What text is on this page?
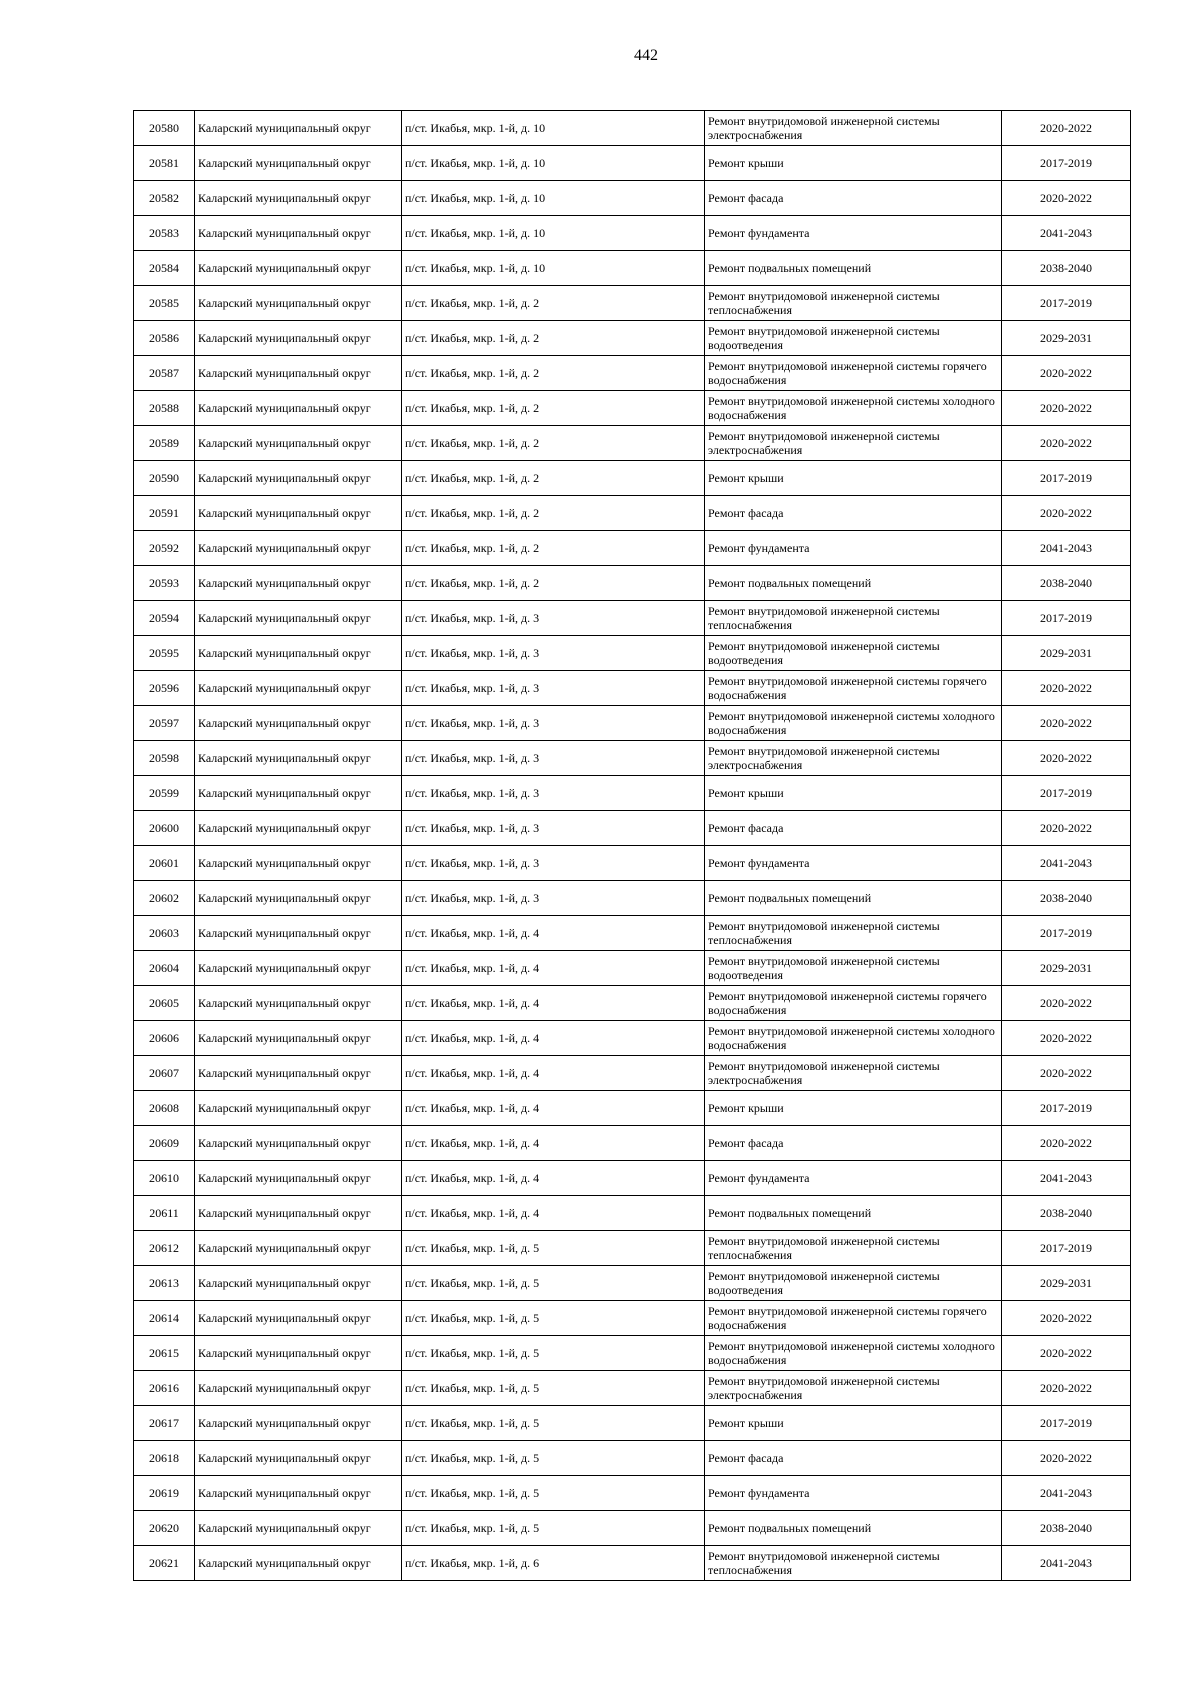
442
20580	Каларский муниципальный округ	п/ст. Икабья, мкр. 1-й, д. 10	Ремонт внутридомовой инженерной системы электроснабжения	2020-2022
20581	Каларский муниципальный округ	п/ст. Икабья, мкр. 1-й, д. 10	Ремонт крыши	2017-2019
20582	Каларский муниципальный округ	п/ст. Икабья, мкр. 1-й, д. 10	Ремонт фасада	2020-2022
20583	Каларский муниципальный округ	п/ст. Икабья, мкр. 1-й, д. 10	Ремонт фундамента	2041-2043
20584	Каларский муниципальный округ	п/ст. Икабья, мкр. 1-й, д. 10	Ремонт подвальных помещений	2038-2040
20585	Каларский муниципальный округ	п/ст. Икабья, мкр. 1-й, д. 2	Ремонт внутридомовой инженерной системы теплоснабжения	2017-2019
20586	Каларский муниципальный округ	п/ст. Икабья, мкр. 1-й, д. 2	Ремонт внутридомовой инженерной системы водоотведения	2029-2031
20587	Каларский муниципальный округ	п/ст. Икабья, мкр. 1-й, д. 2	Ремонт внутридомовой инженерной системы горячего водоснабжения	2020-2022
20588	Каларский муниципальный округ	п/ст. Икабья, мкр. 1-й, д. 2	Ремонт внутридомовой инженерной системы холодного водоснабжения	2020-2022
20589	Каларский муниципальный округ	п/ст. Икабья, мкр. 1-й, д. 2	Ремонт внутридомовой инженерной системы электроснабжения	2020-2022
20590	Каларский муниципальный округ	п/ст. Икабья, мкр. 1-й, д. 2	Ремонт крыши	2017-2019
20591	Каларский муниципальный округ	п/ст. Икабья, мкр. 1-й, д. 2	Ремонт фасада	2020-2022
20592	Каларский муниципальный округ	п/ст. Икабья, мкр. 1-й, д. 2	Ремонт фундамента	2041-2043
20593	Каларский муниципальный округ	п/ст. Икабья, мкр. 1-й, д. 2	Ремонт подвальных помещений	2038-2040
20594	Каларский муниципальный округ	п/ст. Икабья, мкр. 1-й, д. 3	Ремонт внутридомовой инженерной системы теплоснабжения	2017-2019
20595	Каларский муниципальный округ	п/ст. Икабья, мкр. 1-й, д. 3	Ремонт внутридомовой инженерной системы водоотведения	2029-2031
20596	Каларский муниципальный округ	п/ст. Икабья, мкр. 1-й, д. 3	Ремонт внутридомовой инженерной системы горячего водоснабжения	2020-2022
20597	Каларский муниципальный округ	п/ст. Икабья, мкр. 1-й, д. 3	Ремонт внутридомовой инженерной системы холодного водоснабжения	2020-2022
20598	Каларский муниципальный округ	п/ст. Икабья, мкр. 1-й, д. 3	Ремонт внутридомовой инженерной системы электроснабжения	2020-2022
20599	Каларский муниципальный округ	п/ст. Икабья, мкр. 1-й, д. 3	Ремонт крыши	2017-2019
20600	Каларский муниципальный округ	п/ст. Икабья, мкр. 1-й, д. 3	Ремонт фасада	2020-2022
20601	Каларский муниципальный округ	п/ст. Икабья, мкр. 1-й, д. 3	Ремонт фундамента	2041-2043
20602	Каларский муниципальный округ	п/ст. Икабья, мкр. 1-й, д. 3	Ремонт подвальных помещений	2038-2040
20603	Каларский муниципальный округ	п/ст. Икабья, мкр. 1-й, д. 4	Ремонт внутридомовой инженерной системы теплоснабжения	2017-2019
20604	Каларский муниципальный округ	п/ст. Икабья, мкр. 1-й, д. 4	Ремонт внутридомовой инженерной системы водоотведения	2029-2031
20605	Каларский муниципальный округ	п/ст. Икабья, мкр. 1-й, д. 4	Ремонт внутридомовой инженерной системы горячего водоснабжения	2020-2022
20606	Каларский муниципальный округ	п/ст. Икабья, мкр. 1-й, д. 4	Ремонт внутридомовой инженерной системы холодного водоснабжения	2020-2022
20607	Каларский муниципальный округ	п/ст. Икабья, мкр. 1-й, д. 4	Ремонт внутридомовой инженерной системы электроснабжения	2020-2022
20608	Каларский муниципальный округ	п/ст. Икабья, мкр. 1-й, д. 4	Ремонт крыши	2017-2019
20609	Каларский муниципальный округ	п/ст. Икабья, мкр. 1-й, д. 4	Ремонт фасада	2020-2022
20610	Каларский муниципальный округ	п/ст. Икабья, мкр. 1-й, д. 4	Ремонт фундамента	2041-2043
20611	Каларский муниципальный округ	п/ст. Икабья, мкр. 1-й, д. 4	Ремонт подвальных помещений	2038-2040
20612	Каларский муниципальный округ	п/ст. Икабья, мкр. 1-й, д. 5	Ремонт внутридомовой инженерной системы теплоснабжения	2017-2019
20613	Каларский муниципальный округ	п/ст. Икабья, мкр. 1-й, д. 5	Ремонт внутридомовой инженерной системы водоотведения	2029-2031
20614	Каларский муниципальный округ	п/ст. Икабья, мкр. 1-й, д. 5	Ремонт внутридомовой инженерной системы горячего водоснабжения	2020-2022
20615	Каларский муниципальный округ	п/ст. Икабья, мкр. 1-й, д. 5	Ремонт внутридомовой инженерной системы холодного водоснабжения	2020-2022
20616	Каларский муниципальный округ	п/ст. Икабья, мкр. 1-й, д. 5	Ремонт внутридомовой инженерной системы электроснабжения	2020-2022
20617	Каларский муниципальный округ	п/ст. Икабья, мкр. 1-й, д. 5	Ремонт крыши	2017-2019
20618	Каларский муниципальный округ	п/ст. Икабья, мкр. 1-й, д. 5	Ремонт фасада	2020-2022
20619	Каларский муниципальный округ	п/ст. Икабья, мкр. 1-й, д. 5	Ремонт фундамента	2041-2043
20620	Каларский муниципальный округ	п/ст. Икабья, мкр. 1-й, д. 5	Ремонт подвальных помещений	2038-2040
20621	Каларский муниципальный округ	п/ст. Икабья, мкр. 1-й, д. 6	Ремонт внутридомовой инженерной системы теплоснабжения	2041-2043
